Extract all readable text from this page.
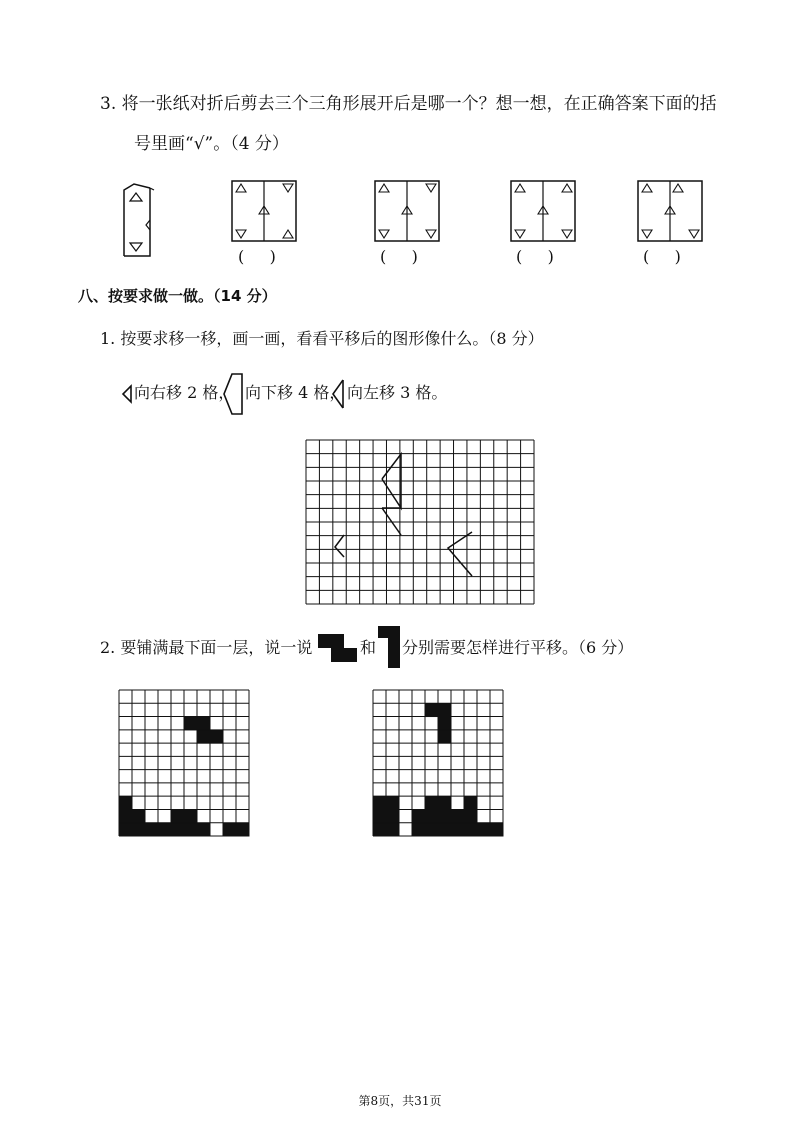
3. 将一张纸对折后剪去三个三角形展开后是哪一个？想一想，在正确答案下面的括
号里画“√”。（4 分）
(     )	(     )	(     )	(     )
八、按要求做一做。（14 分）
1. 按要求移一移，画一画，看看平移后的图形像什么。（8 分）
向右移 2 格， 向下移 4 格， 向左移 3 格。
2. 要铺满最下面一层，说一说	和 分别需要怎样进行平移。（6 分）
第8页，共31页
